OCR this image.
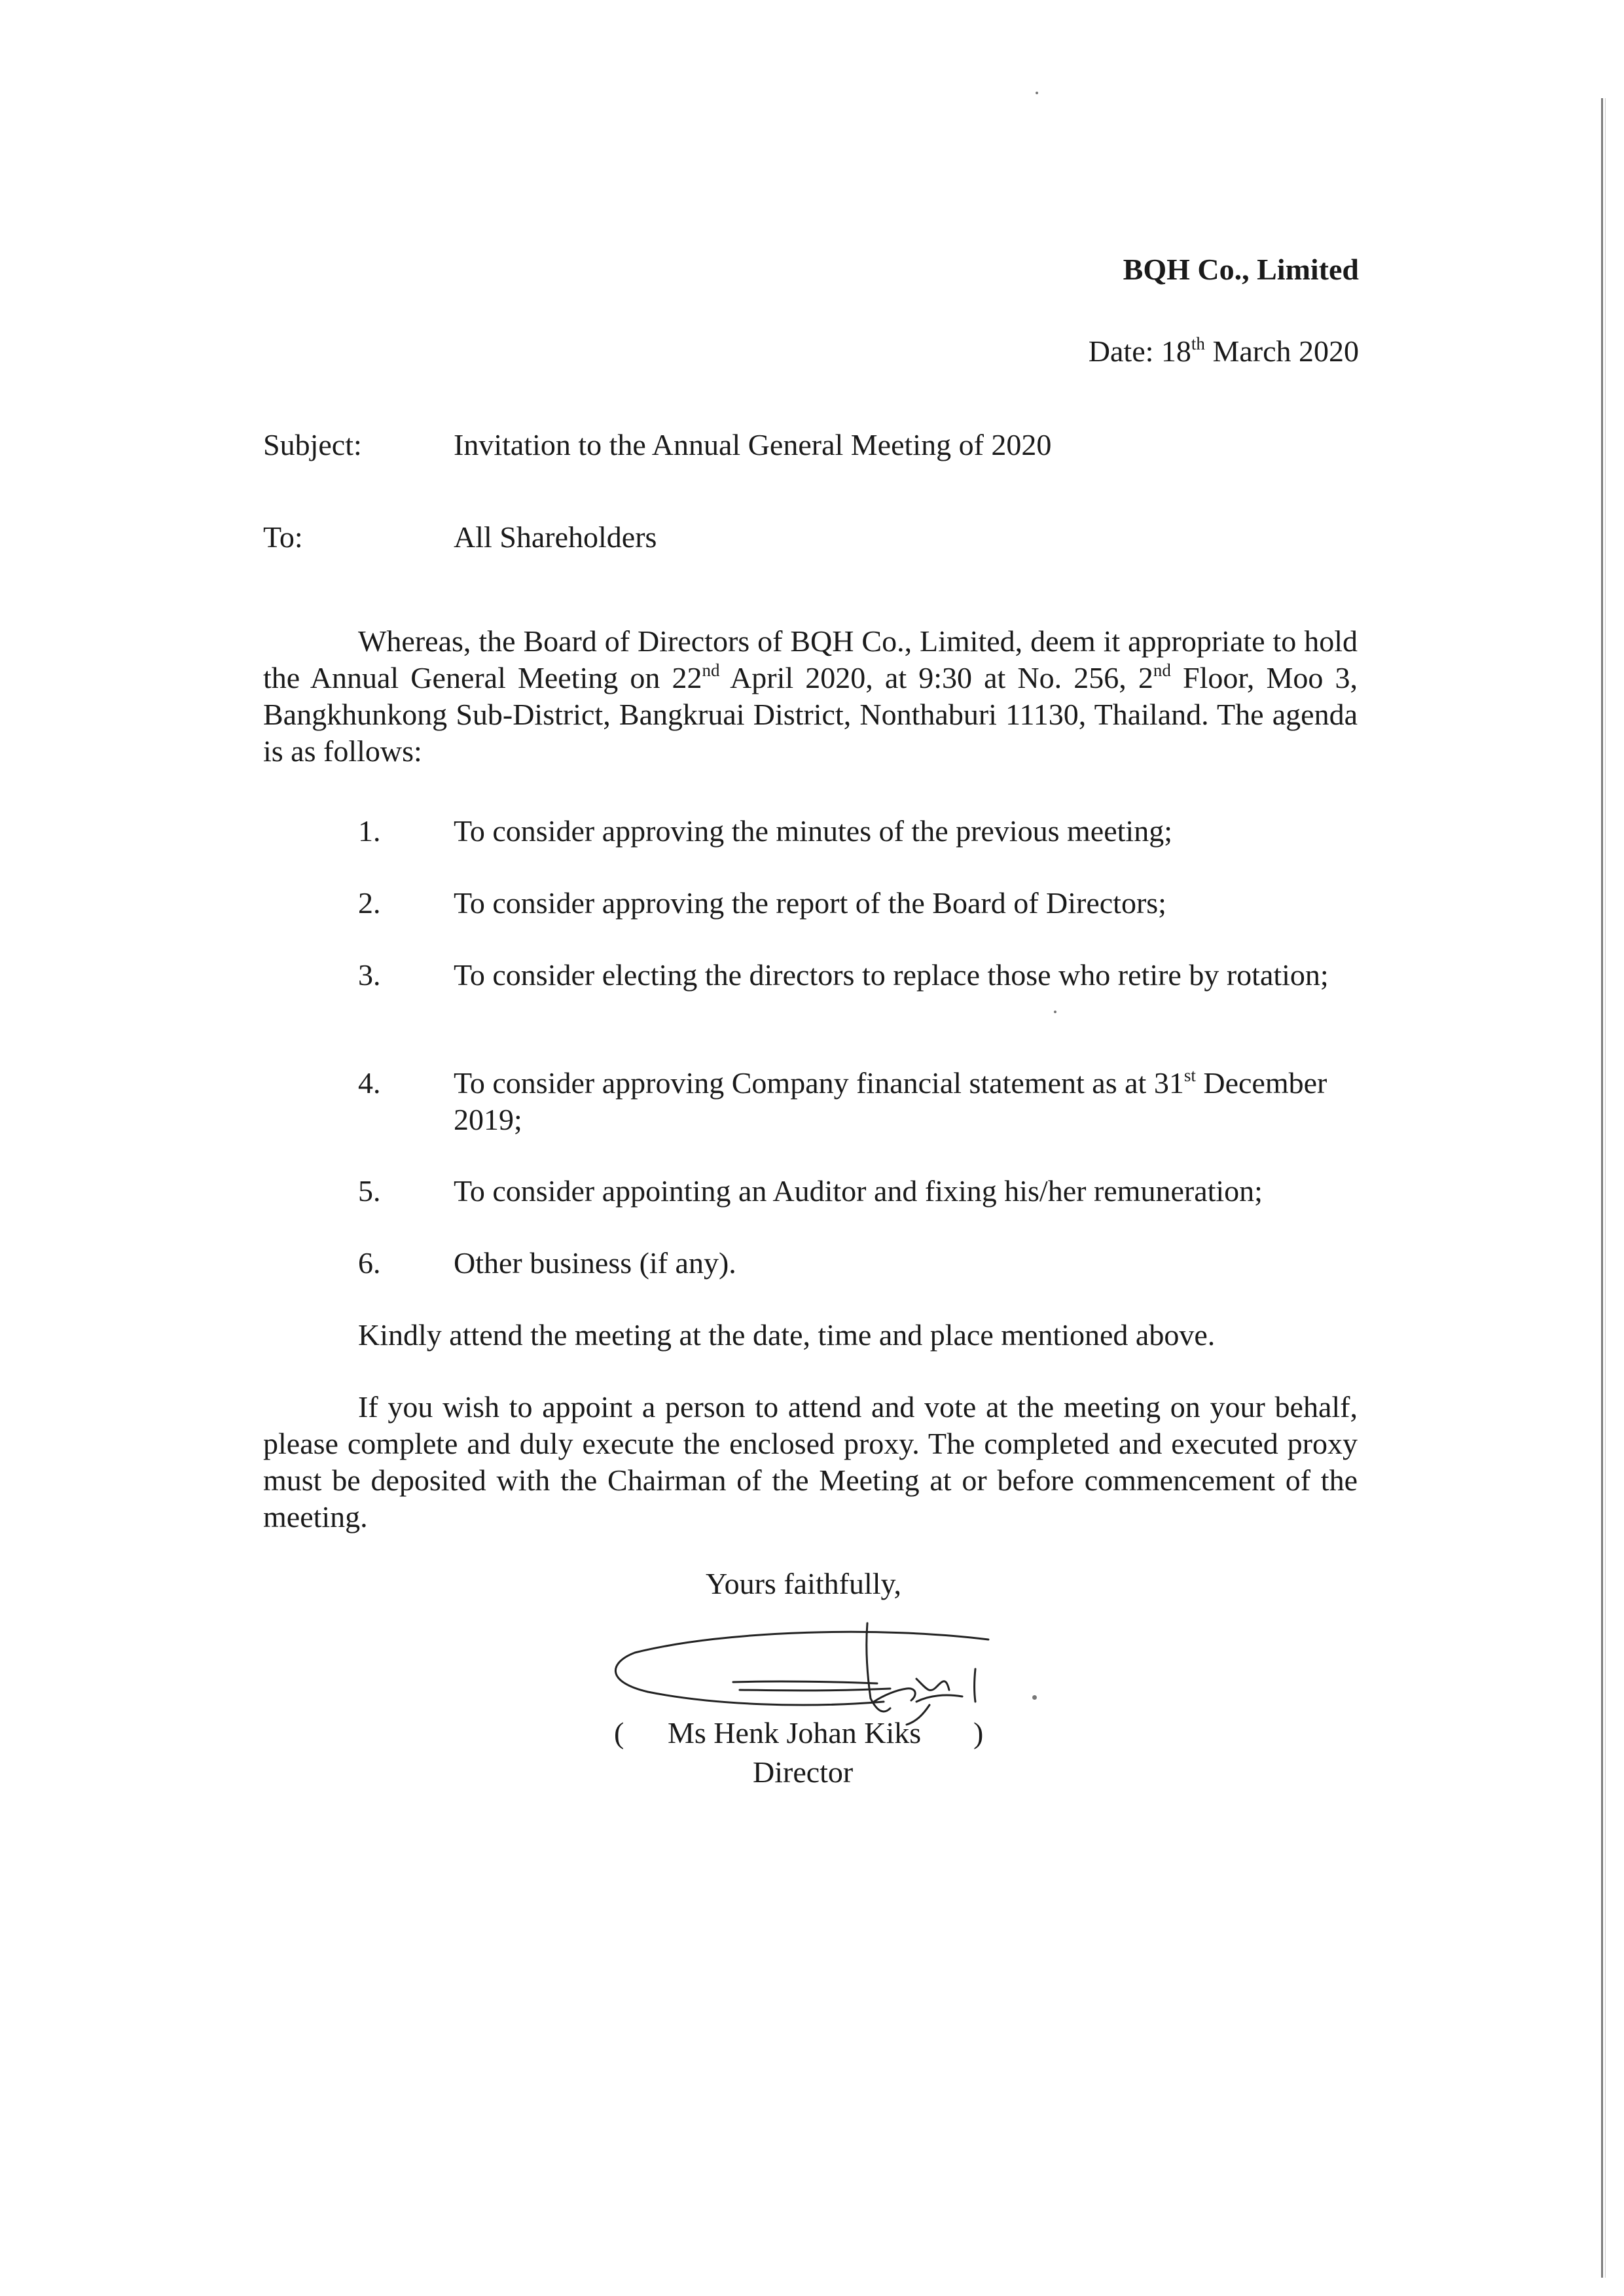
BQH Co., Limited
Date: 18th March 2020
Subject:	Invitation to the Annual General Meeting of 2020
To:	All Shareholders
Whereas, the Board of Directors of BQH Co., Limited, deem it appropriate to hold the Annual General Meeting on 22nd April 2020, at 9:30 at No. 256, 2nd Floor, Moo 3, Bangkhunkong Sub-District, Bangkruai District, Nonthaburi 11130, Thailand. The agenda is as follows:
1. To consider approving the minutes of the previous meeting;
2. To consider approving the report of the Board of Directors;
3. To consider electing the directors to replace those who retire by rotation;
4. To consider approving Company financial statement as at 31st December 2019;
5. To consider appointing an Auditor and fixing his/her remuneration;
6. Other business (if any).
Kindly attend the meeting at the date, time and place mentioned above.
If you wish to appoint a person to attend and vote at the meeting on your behalf, please complete and duly execute the enclosed proxy. The completed and executed proxy must be deposited with the Chairman of the Meeting at or before commencement of the meeting.
Yours faithfully,
( Ms Henk Johan Kiks )
Director
